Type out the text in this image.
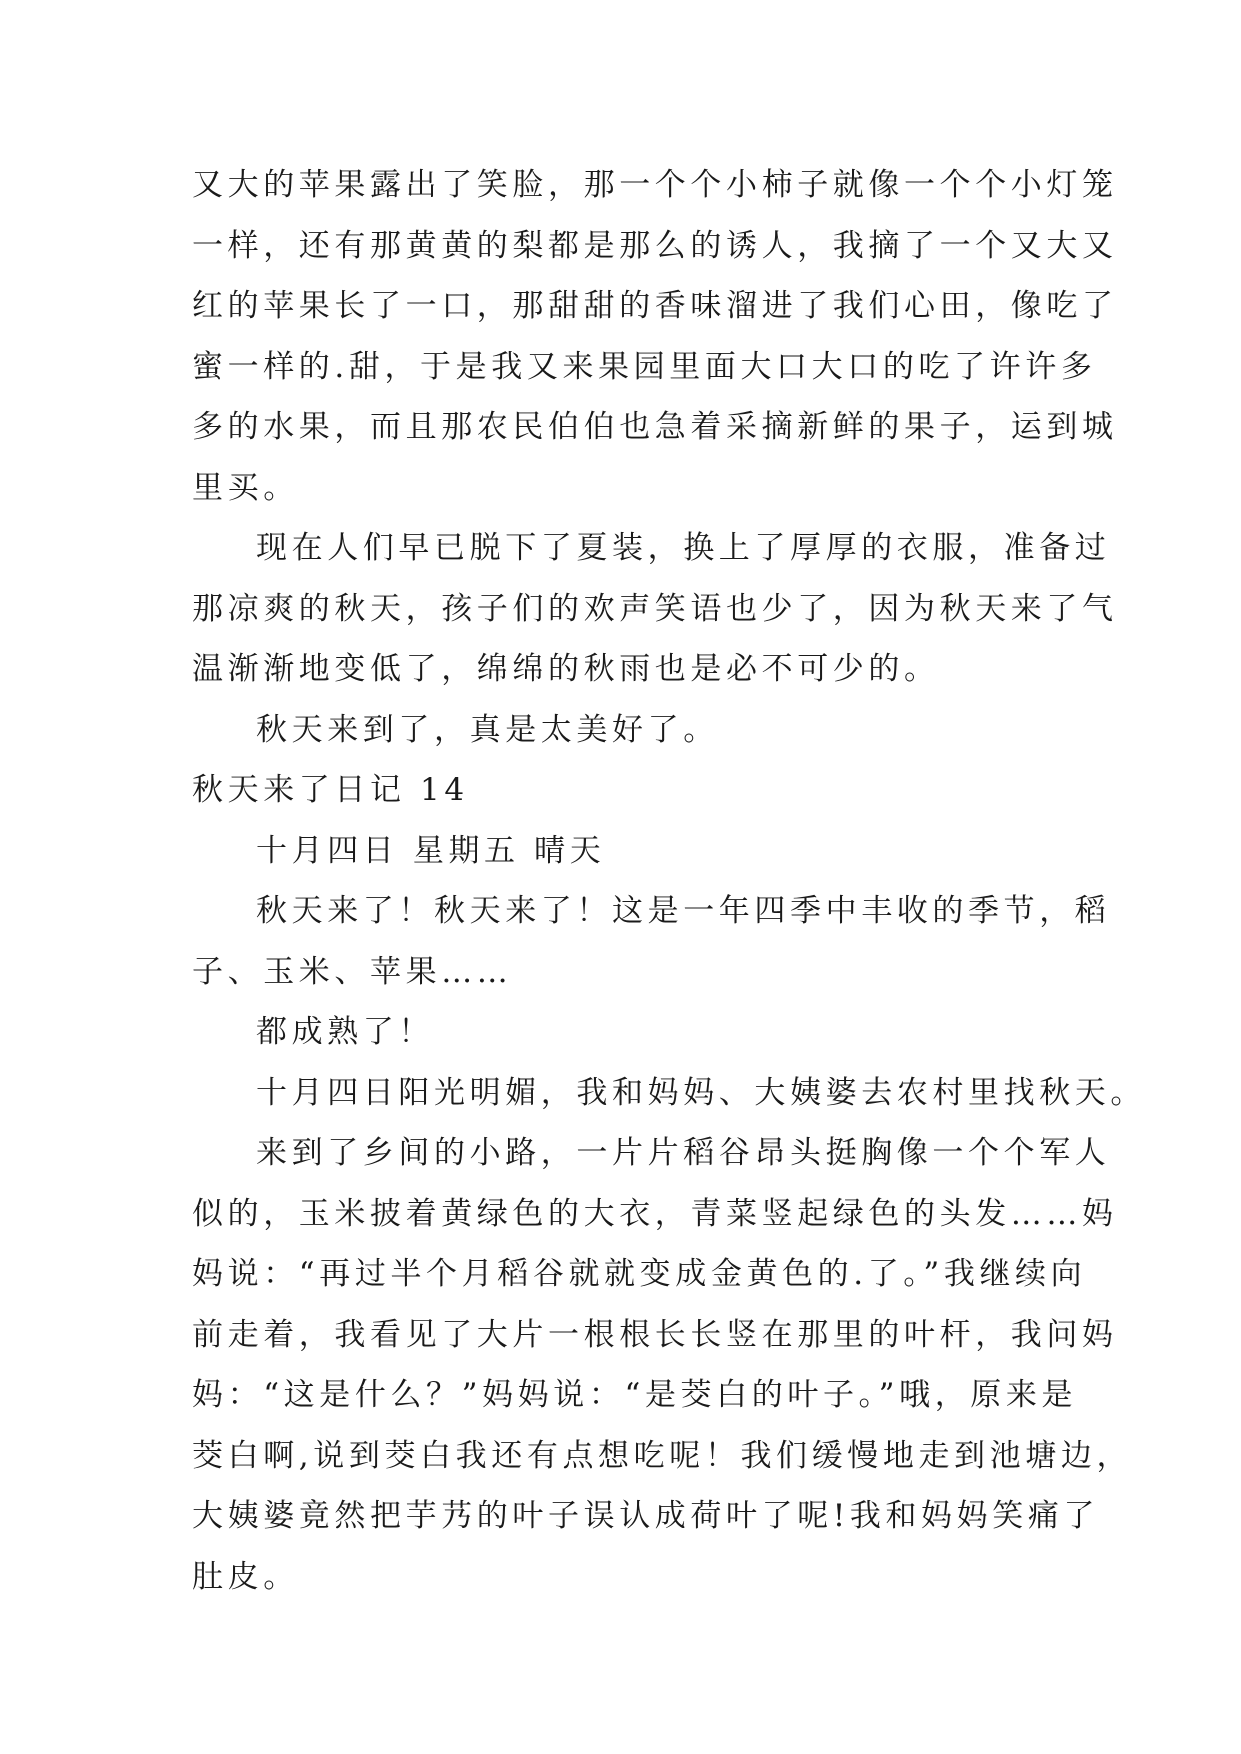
又大的苹果露出了笑脸，那一个个小柿子就像一个个小灯笼
一样，还有那黄黄的梨都是那么的诱人，我摘了一个又大又
红的苹果长了一口，那甜甜的香味溜进了我们心田，像吃了
蜜一样的.甜，于是我又来果园里面大口大口的吃了许许多
多的水果，而且那农民伯伯也急着采摘新鲜的果子，运到城
里买。
现在人们早已脱下了夏装，换上了厚厚的衣服，准备过
那凉爽的秋天，孩子们的欢声笑语也少了，因为秋天来了气
温渐渐地变低了，绵绵的秋雨也是必不可少的。
秋天来到了，真是太美好了。
秋天来了日记 14
十月四日 星期五 晴天
秋天来了！秋天来了！这是一年四季中丰收的季节，稻
子、玉米、苹果……
都成熟了！
十月四日阳光明媚，我和妈妈、大姨婆去农村里找秋天。
来到了乡间的小路，一片片稻谷昂头挺胸像一个个军人
似的，玉米披着黄绿色的大衣，青菜竖起绿色的头发……妈
妈说：“再过半个月稻谷就就变成金黄色的.了。”我继续向
前走着，我看见了大片一根根长长竖在那里的叶杆，我问妈
妈：“这是什么？”妈妈说：“是茭白的叶子。”哦，原来是
茭白啊,说到茭白我还有点想吃呢！我们缓慢地走到池塘边，
大姨婆竟然把芋艿的叶子误认成荷叶了呢!我和妈妈笑痛了
肚皮。
